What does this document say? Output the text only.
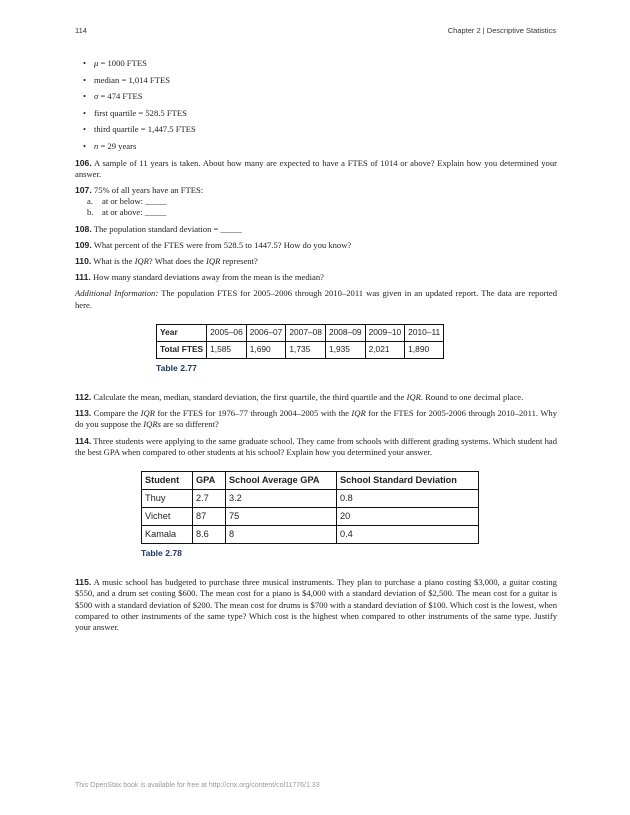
114	Chapter 2 | Descriptive Statistics
• μ = 1000 FTES
• median = 1,014 FTES
• σ = 474 FTES
• first quartile = 528.5 FTES
• third quartile = 1,447.5 FTES
• n = 29 years

106. A sample of 11 years is taken. About how many are expected to have a FTES of 1014 or above? Explain how you determined your answer.

107. 75% of all years have an FTES:
a. at or below: _____
b. at or above: _____

108. The population standard deviation = _____

109. What percent of the FTES were from 528.5 to 1447.5? How do you know?

110. What is the IQR? What does the IQR represent?

111. How many standard deviations away from the mean is the median?

Additional Information: The population FTES for 2005–2006 through 2010–2011 was given in an updated report. The data are reported here.

Year	2005–06	2006–07	2007–08	2008–09	2009–10	2010–11
Total FTES	1,585	1,690	1,735	1,935	2,021	1,890
Table 2.77

112. Calculate the mean, median, standard deviation, the first quartile, the third quartile and the IQR. Round to one decimal place.

113. Compare the IQR for the FTES for 1976–77 through 2004–2005 with the IQR for the FTES for 2005-2006 through 2010–2011. Why do you suppose the IQRs are so different?

114. Three students were applying to the same graduate school. They came from schools with different grading systems. Which student had the best GPA when compared to other students at his school? Explain how you determined your answer.

Student	GPA	School Average GPA	School Standard Deviation
Thuy	2.7	3.2	0.8
Vichet	87	75	20
Kamala	8.6	8	0.4
Table 2.78

115. A music school has budgeted to purchase three musical instruments. They plan to purchase a piano costing $3,000, a guitar costing $550, and a drum set costing $600. The mean cost for a piano is $4,000 with a standard deviation of $2,500. The mean cost for a guitar is $500 with a standard deviation of $200. The mean cost for drums is $700 with a standard deviation of $100. Which cost is the lowest, when compared to other instruments of the same type? Which cost is the highest when compared to other instruments of the same type. Justify your answer.

This OpenStax book is available for free at http://cnx.org/content/col11776/1.33
